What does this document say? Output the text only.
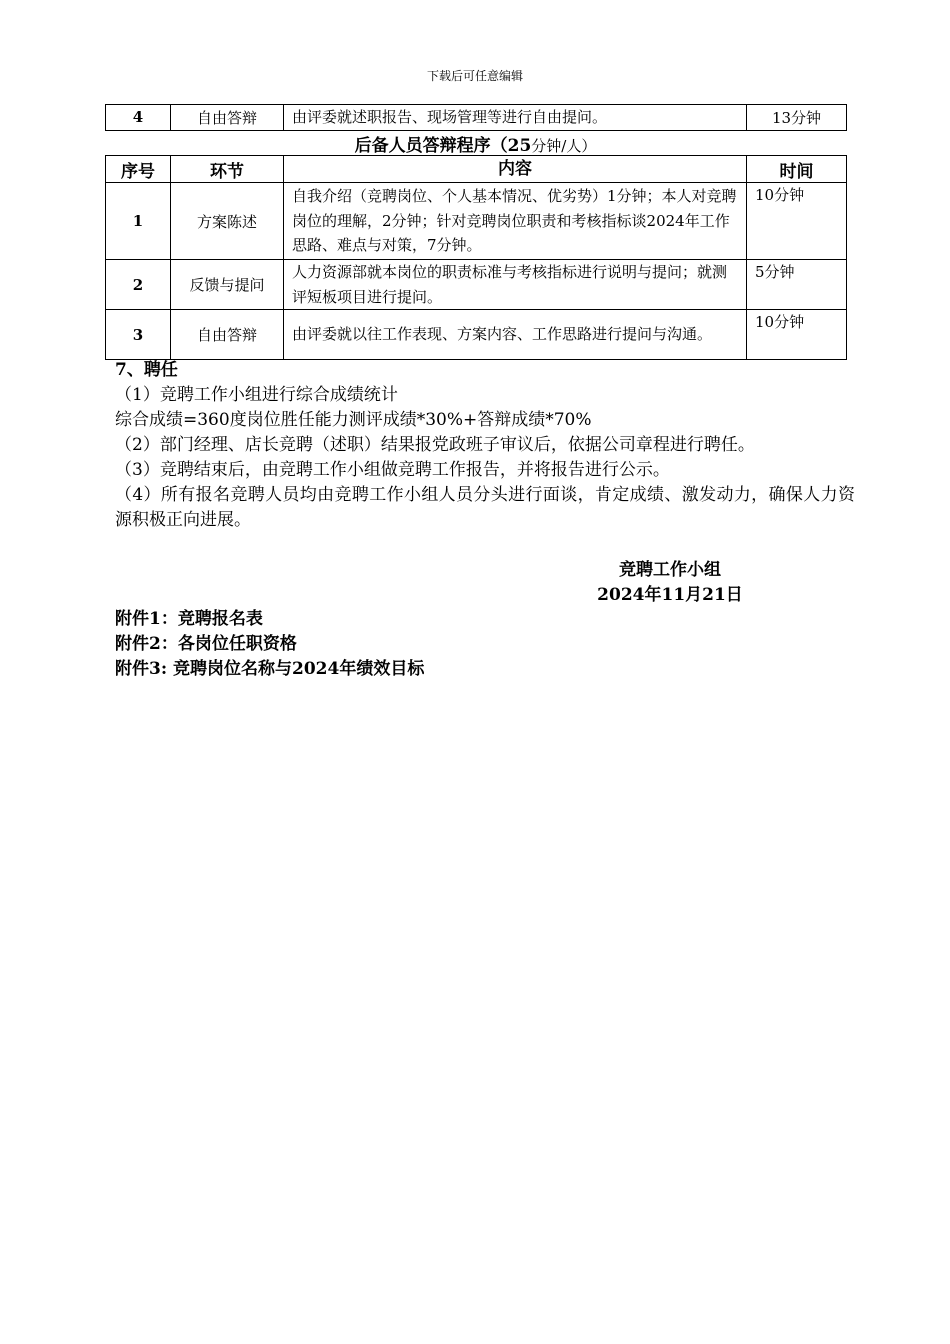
下载后可任意编辑
4	自由答辩	由评委就述职报告、现场管理等进行自由提问。	13分钟
后备人员答辩程序（25分钟/人）
序号	环节	内容	时间
1	方案陈述	自我介绍（竞聘岗位、个人基本情况、优劣势）1分钟；本人对竞聘岗位的理解，2分钟；针对竞聘岗位职责和考核指标谈2024年工作思路、难点与对策，7分钟。	10分钟
2	反馈与提问	人力资源部就本岗位的职责标准与考核指标进行说明与提问；就测评短板项目进行提问。	5分钟
3	自由答辩	由评委就以往工作表现、方案内容、工作思路进行提问与沟通。	10分钟
7、聘任
（1）竞聘工作小组进行综合成绩统计
综合成绩=360度岗位胜任能力测评成绩*30%+答辩成绩*70%
（2）部门经理、店长竞聘（述职）结果报党政班子审议后，依据公司章程进行聘任。
（3）竞聘结束后，由竞聘工作小组做竞聘工作报告，并将报告进行公示。
（4）所有报名竞聘人员均由竞聘工作小组人员分头进行面谈，肯定成绩、激发动力，确保人力资源积极正向进展。
竞聘工作小组
2024年11月21日
附件1：竞聘报名表
附件2：各岗位任职资格
附件3: 竞聘岗位名称与2024年绩效目标
